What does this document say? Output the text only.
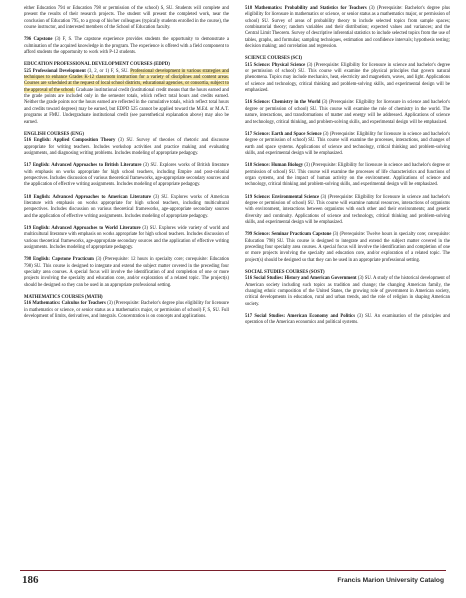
either Education 794 or Education 798 or permission of the school) S, SU. Students will complete and present the results of their research projects. The student will present the completed work, near the conclusion of Education 795, to a group of his/her colleagues (typically students enrolled in the course), the course instructor, and interested members of the School of Education faculty.

796 Capstone (3) F, S. The capstone experience provides students the opportunity to demonstrate a culmination of the acquired knowledge in the program. The experience is offered with a field component to afford students the opportunity to work with P-12 students.

EDUCATION PROFESSIONAL DEVELOPMENT COURSES (EDPD)

525 Professional Development (3, 2, or 1) F, S, SU. Professional development in various strategies and techniques to enhance Grades K-12 classroom instruction for a variety of disciplines and content areas. Courses are scheduled at the request of local school districts, educational agencies, or consortia, subject to the approval of the school. Graduate institutional credit (institutional credit means that the hours earned and the grade points are included only in the semester totals, which reflect total hours and credits earned. Neither the grade points nor the hours earned are reflected in the cumulative totals, which reflect total hours and credits toward degrees) may be earned, but EDPD 525 cannot be applied toward the M.Ed. or M.A.T. programs at FMU. Undergraduate institutional credit (see parenthetical explanation above) may also be earned.

ENGLISH COURSES (ENG)

516 English: Applied Composition Theory (3) SU. Survey of theories of rhetoric and discourse appropriate for writing teachers. Includes workshop activities and practice making and evaluating assignments, and diagnosing writing problems. Includes modeling of appropriate pedagogy.

517 English: Advanced Approaches to British Literature (3) SU. Explores works of British literature with emphasis on works appropriate for high school teachers, including Empire and post-colonial perspectives. Includes discussion of various theoretical frameworks, age-appropriate secondary sources and the application of effective writing assignments. Includes modeling of appropriate pedagogy.

518 English: Advanced Approaches to American Literature (3) SU. Explores works of American literature with emphasis on works appropriate for high school teachers, including multicultural perspectives. Includes discussion on various theoretical frameworks, age-appropriate secondary sources and the application of effective writing assignments. Includes modeling of appropriate pedagogy.

519 English: Advanced Approaches to World Literature (3) SU. Explores wide variety of world and multicultural literature with emphasis on works appropriate for high school teachers. Includes discussion of various theoretical frameworks, age-appropriate secondary sources and the application of effective writing assignments. Includes modeling of appropriate pedagogy.

798 English: Capstone Practicum (3) (Prerequisite: 12 hours in specialty core; corequisite: Education 798) SU. This course is designed to integrate and extend the subject matter covered in the preceding four specialty area courses. A special focus will involve the identification of and completion of one or more projects involving the specialty and education core, and/or exploration of a related topic. The project(s) should be designed so they can be used in an appropriate professional setting.

MATHEMATICS COURSES (MATH)

516 Mathematics: Calculus for Teachers (3) (Prerequisite: Bachelor's degree plus eligibility for licensure in mathematics or science, or senior status as a mathematics major, or permission of school) F, S, SU. Full development of limits, derivatives, and integrals. Concentration is on concepts and applications.

518 Mathematics: Probability and Statistics for Teachers (3) (Prerequisite: Bachelor's degree plus eligibility for licensure in mathematics or science, or senior status as a mathematics major, or permission of school) SU. Survey of areas of probability theory to include selected topics from sample spaces; combinatorial theory; random variables and their distribution; expected values and variances; and the Central Limit Theorem. Survey of descriptive inferential statistics to include selected topics from the use of tables, graphs, and formulas; sampling techniques, estimation and confidence intervals; hypothesis testing; decision making; and correlation and regression.

SCIENCE COURSES (SCI)

515 Science: Physical Science (3) (Prerequisite: Eligibility for licensure in science and bachelor's degree or permission of school) SU. This course will examine the physical principles that govern natural phenomena. Topics may include mechanics, heat, electricity and magnetism, waves, and light. Applications of science and technology, critical thinking and problem-solving skills, and experimental design will be emphasized.

516 Science: Chemistry in the World (3) (Prerequisite: Eligibility for licensure in science and bachelor's degree or permission of school) SU. This course will examine the role of chemistry in the world. The nature, interactions, and transformations of matter and energy will be addressed. Applications of science and technology, critical thinking, and problem-solving skills, and experimental design will be emphasized.

517 Science: Earth and Space Science (3) (Prerequisite: Eligibility for licensure in science and bachelor's degree or permission of school) SU. This course will examine the processes, interactions, and changes of earth and space systems. Applications of science and technology, critical thinking and problem-solving skills, and experimental design will be emphasized.

518 Science: Human Biology (3) (Prerequisite: Eligibility for licensure in science and bachelor's degree or permission of school) SU. This course will examine the processes of life characteristics and functions of organ systems, and the impact of human activity on the environment. Applications of science and technology, critical thinking and problem-solving skills, and experimental design will be emphasized.

519 Science: Environmental Science (3) (Prerequisite: Eligibility for licensure in science and bachelor's degree or permission of school) SU. This course will examine natural resources, interactions of organisms with environment, interactions between organisms with each other and their environments; and genetic diversity and continuity. Applications of science and technology, critical thinking and problem-solving skills, and experimental design will be emphasized.

799 Science: Seminar Practicum Capstone (3) (Prerequisite: Twelve hours in specialty core; corequisite: Education 798) SU. This course is designed to integrate and extend the subject matter covered in the preceding four specialty area courses. A special focus will involve the identification and completion of one or more projects involving the specialty and education core, and/or exploration of a related topic. The project(s) should be designed so that they can be used in an appropriate professional setting.

SOCIAL STUDIES COURSES (SOST)

516 Social Studies: History and American Government (3) SU. A study of the historical development of American society including such topics as tradition and change; the changing American family, the changing ethnic composition of the United States, the growing role of government in American society, critical developments in education, rural and urban trends, and the role of religion in shaping American society.

517 Social Studies: American Economy and Politics (3) SU. An examination of the principles and operation of the American economics and political systems.

186	Francis Marion University Catalog
